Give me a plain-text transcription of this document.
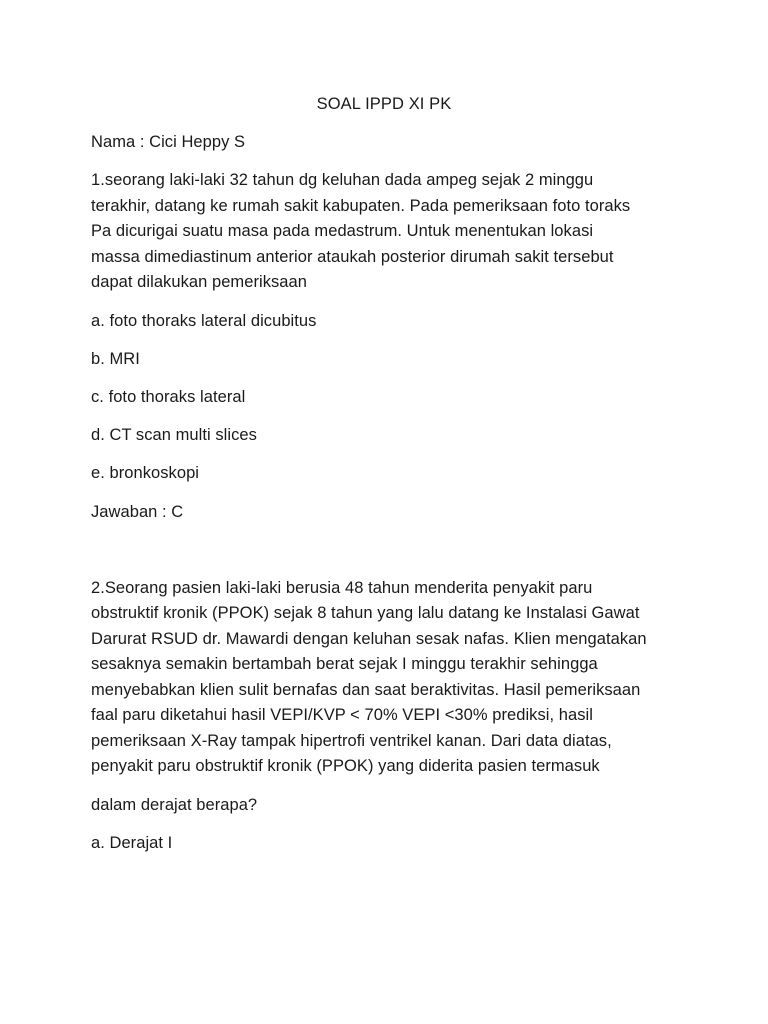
SOAL IPPD XI PK
Nama : Cici Heppy S
1.seorang laki-laki 32 tahun dg keluhan dada ampeg sejak 2 minggu
terakhir, datang ke rumah sakit kabupaten. Pada pemeriksaan foto toraks
Pa dicurigai suatu masa pada medastrum. Untuk menentukan lokasi
massa dimediastinum anterior ataukah posterior dirumah sakit tersebut
dapat dilakukan pemeriksaan
a. foto thoraks lateral dicubitus
b. MRI
c. foto thoraks lateral
d. CT scan multi slices
e. bronkoskopi
Jawaban : C
2.Seorang pasien laki-laki berusia 48 tahun menderita penyakit paru
obstruktif kronik (PPOK) sejak 8 tahun yang lalu datang ke Instalasi Gawat
Darurat RSUD dr. Mawardi dengan keluhan sesak nafas. Klien mengatakan
sesaknya semakin bertambah berat sejak I minggu terakhir sehingga
menyebabkan klien sulit bernafas dan saat beraktivitas. Hasil pemeriksaan
faal paru diketahui hasil VEPI/KVP < 70% VEPI <30% prediksi, hasil
pemeriksaan X-Ray tampak hipertrofi ventrikel kanan. Dari data diatas,
penyakit paru obstruktif kronik (PPOK) yang diderita pasien termasuk
dalam derajat berapa?
a. Derajat I
